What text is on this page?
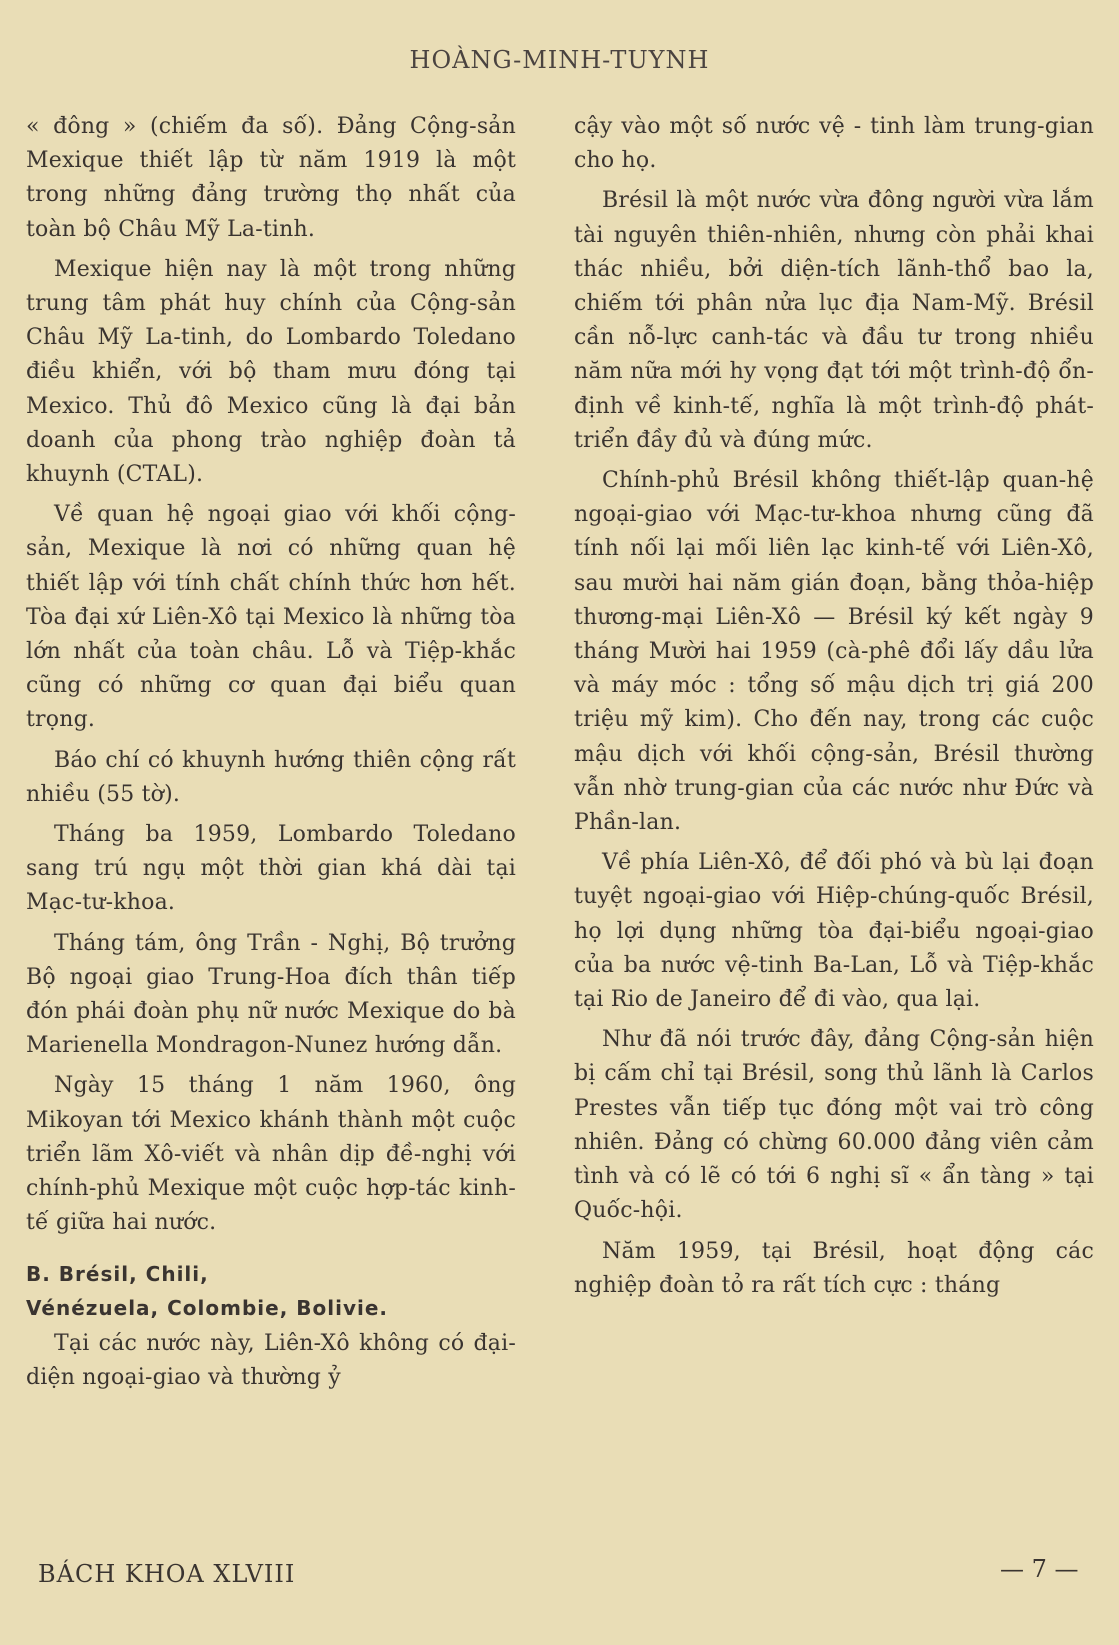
HOÀNG-MINH-TUYNH

« đông » (chiếm đa số). Đảng Cộng-sản Mexique thiết lập từ năm 1919 là một trong những đảng trường thọ nhất của toàn bộ Châu Mỹ La-tinh.

Mexique hiện nay là một trong những trung tâm phát huy chính của Cộng-sản Châu Mỹ La-tinh, do Lombardo Toledano điều khiển, với bộ tham mưu đóng tại Mexico. Thủ đô Mexico cũng là đại bản doanh của phong trào nghiệp đoàn tả khuynh (CTAL).

Về quan hệ ngoại giao với khối cộng-sản, Mexique là nơi có những quan hệ thiết lập với tính chất chính thức hơn hết. Tòa đại xứ Liên-Xô tại Mexico là những tòa lớn nhất của toàn châu. Lỗ và Tiệp-khắc cũng có những cơ quan đại biểu quan trọng.

Báo chí có khuynh hướng thiên cộng rất nhiều (55 tờ).

Tháng ba 1959, Lombardo Toledano sang trú ngụ một thời gian khá dài tại Mạc-tư-khoa.

Tháng tám, ông Trần - Nghị, Bộ trưởng Bộ ngoại giao Trung-Hoa đích thân tiếp đón phái đoàn phụ nữ nước Mexique do bà Marienella Mondragon-Nunez hướng dẫn.

Ngày 15 tháng 1 năm 1960, ông Mikoyan tới Mexico khánh thành một cuộc triển lãm Xô-viết và nhân dịp đề-nghị với chính-phủ Mexique một cuộc hợp-tác kinh-tế giữa hai nước.

B. Brésil, Chili,
Vénézuela, Colombie, Bolivie.

Tại các nước này, Liên-Xô không có đại-diện ngoại-giao và thường ỷ

cậy vào một số nước vệ - tinh làm trung-gian cho họ.

Brésil là một nước vừa đông người vừa lắm tài nguyên thiên-nhiên, nhưng còn phải khai thác nhiều, bởi diện-tích lãnh-thổ bao la, chiếm tới phân nửa lục địa Nam-Mỹ. Brésil cần nỗ-lực canh-tác và đầu tư trong nhiều năm nữa mới hy vọng đạt tới một trình-độ ổn-định về kinh-tế, nghĩa là một trình-độ phát-triển đầy đủ và đúng mức.

Chính-phủ Brésil không thiết-lập quan-hệ ngoại-giao với Mạc-tư-khoa nhưng cũng đã tính nối lại mối liên lạc kinh-tế với Liên-Xô, sau mười hai năm gián đoạn, bằng thỏa-hiệp thương-mại Liên-Xô — Brésil ký kết ngày 9 tháng Mười hai 1959 (cà-phê đổi lấy dầu lửa và máy móc : tổng số mậu dịch trị giá 200 triệu mỹ kim). Cho đến nay, trong các cuộc mậu dịch với khối cộng-sản, Brésil thường vẫn nhờ trung-gian của các nước như Đức và Phần-lan.

Về phía Liên-Xô, để đối phó và bù lại đoạn tuyệt ngoại-giao với Hiệp-chúng-quốc Brésil, họ lợi dụng những tòa đại-biểu ngoại-giao của ba nước vệ-tinh Ba-Lan, Lỗ và Tiệp-khắc tại Rio de Janeiro để đi vào, qua lại.

Như đã nói trước đây, đảng Cộng-sản hiện bị cấm chỉ tại Brésil, song thủ lãnh là Carlos Prestes vẫn tiếp tục đóng một vai trò công nhiên. Đảng có chừng 60.000 đảng viên cảm tình và có lẽ có tới 6 nghị sĩ « ẩn tàng » tại Quốc-hội.

Năm 1959, tại Brésil, hoạt động các nghiệp đoàn tỏ ra rất tích cực : tháng

BÁCH KHOA XLVIII	— 7 —
